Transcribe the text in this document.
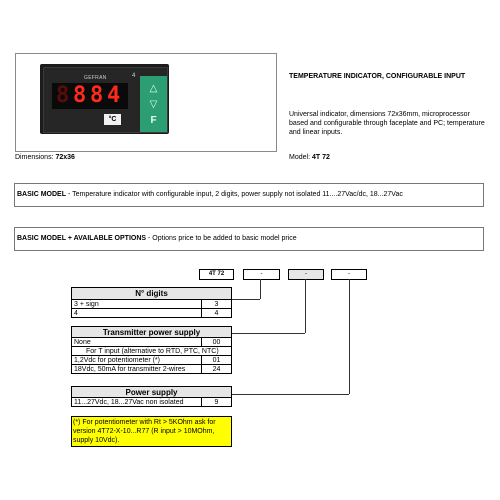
GEFRAN
8 8 8 4
°C
4
△
▽
F
Dimensions: 72x36
TEMPERATURE INDICATOR, CONFIGURABLE INPUT
Universal indicator, dimensions 72x36mm, microprocessor based and configurable through faceplate and PC; temperature and linear inputs.
Model: 4T 72
BASIC MODEL - Temperature indicator with configurable input, 2 digits, power supply not isolated 11....27Vac/dc, 18...27Vac
BASIC MODEL + AVAILABLE OPTIONS - Options price to be added to basic model price
4T 72	-	-	-
N° digits
3 + sign	3
4	4
Transmitter power supply
None	00
For T input (alternative to RTD, PTC, NTC)
1,2Vdc for potentiometer (*)	01
18Vdc, 50mA for transmitter 2-wires	24
Power supply
11...27Vdc, 18...27Vac non isolated	9
(*) For potentiometer with Rt > 5KOhm ask for version 4T72-X-10...R77 (R input > 10MOhm, supply 10Vdc).
